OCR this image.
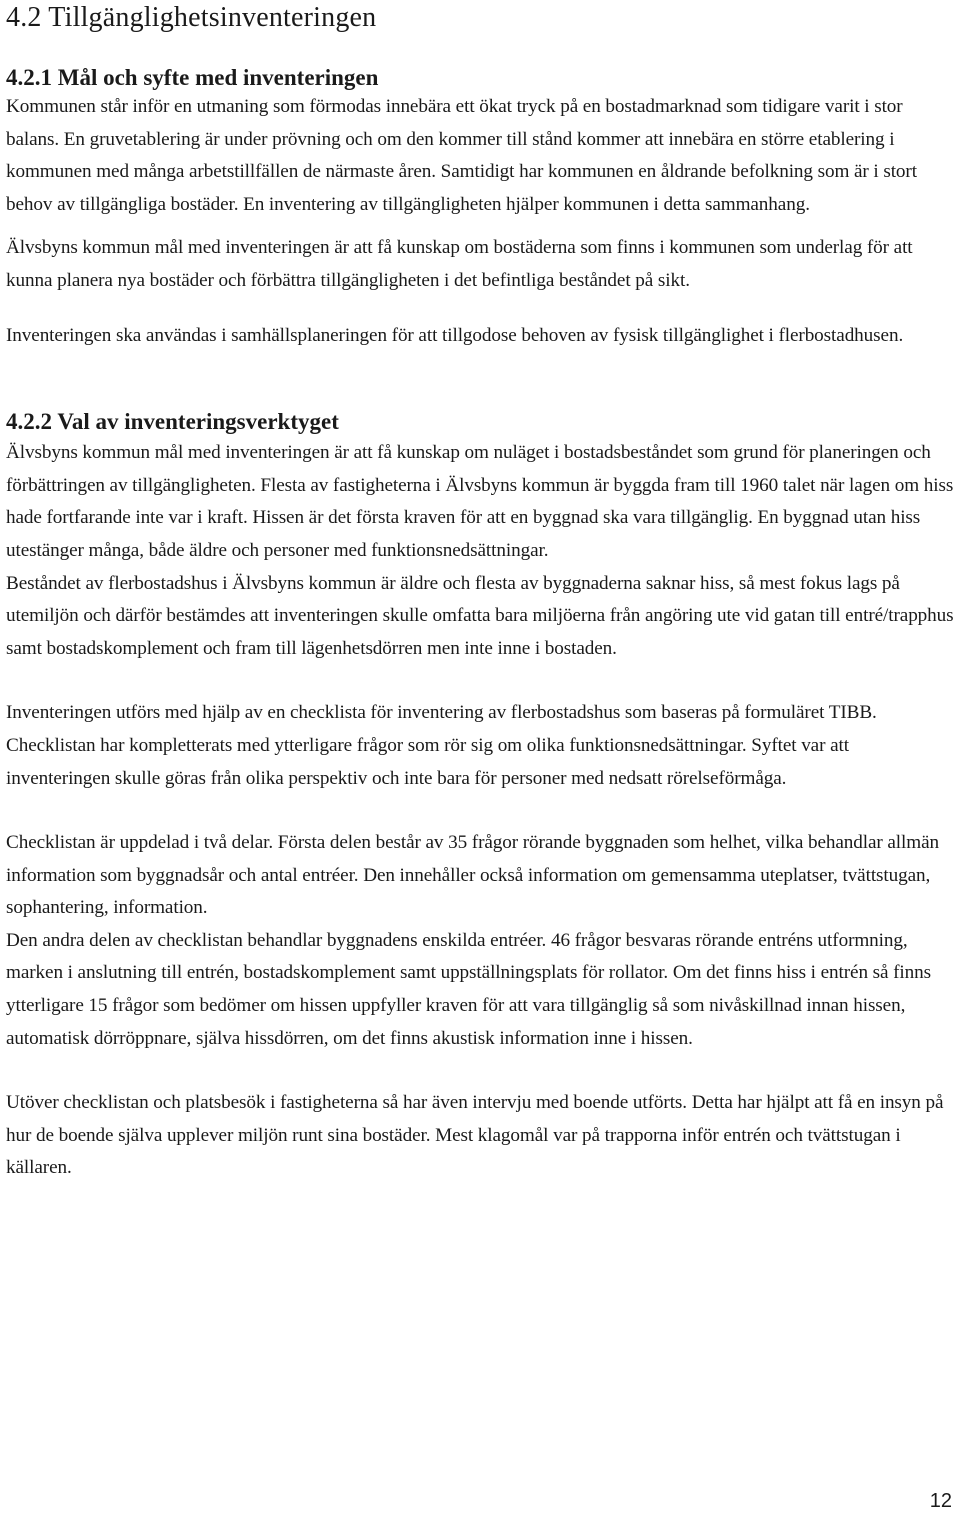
4.2 Tillgänglighetsinventeringen
4.2.1 Mål och syfte med inventeringen

Kommunen står inför en utmaning som förmodas innebära ett ökat tryck på en bostadmarknad som tidigare varit i stor balans. En gruvetablering är under prövning och om den kommer till stånd kommer att innebära en större etablering i kommunen med många arbetstillfällen de närmaste åren. Samtidigt har kommunen en åldrande befolkning som är i stort behov av tillgängliga bostäder. En inventering av tillgängligheten hjälper kommunen i detta sammanhang.

Älvsbyns kommun mål med inventeringen är att få kunskap om bostäderna som finns i kommunen som underlag för att kunna planera nya bostäder och förbättra tillgängligheten i det befintliga beståndet på sikt.

Inventeringen ska användas i samhällsplaneringen för att tillgodose behoven av fysisk tillgänglighet i flerbostadhusen.

4.2.2 Val av inventeringsverktyget

Älvsbyns kommun mål med inventeringen är att få kunskap om nuläget i bostadsbeståndet som grund för planeringen och förbättringen av tillgängligheten. Flesta av fastigheterna i Älvsbyns kommun är byggda fram till 1960 talet när lagen om hiss hade fortfarande inte var i kraft. Hissen är det första kraven för att en byggnad ska vara tillgänglig. En byggnad utan hiss utestänger många, både äldre och personer med funktionsnedsättningar.

Beståndet av flerbostadshus i Älvsbyns kommun är äldre och flesta av byggnaderna saknar hiss, så mest fokus lags på utemiljön och därför bestämdes att inventeringen skulle omfatta bara miljöerna från angöring ute vid gatan till entré/trapphus samt bostadskomplement och fram till lägenhetsdörren men inte inne i bostaden.

Inventeringen utförs med hjälp av en checklista för inventering av flerbostadshus som baseras på formuläret TIBB. Checklistan har kompletterats med ytterligare frågor som rör sig om olika funktionsnedsättningar. Syftet var att inventeringen skulle göras från olika perspektiv och inte bara för personer med nedsatt rörelseförmåga.

Checklistan är uppdelad i två delar. Första delen består av 35 frågor rörande byggnaden som helhet, vilka behandlar allmän information som byggnadsår och antal entréer. Den innehåller också information om gemensamma uteplatser, tvättstugan, sophantering, information.

Den andra delen av checklistan behandlar byggnadens enskilda entréer. 46 frågor besvaras rörande entréns utformning, marken i anslutning till entrén, bostadskomplement samt uppställningsplats för rollator. Om det finns hiss i entrén så finns ytterligare 15 frågor som bedömer om hissen uppfyller kraven för att vara tillgänglig så som nivåskillnad innan hissen, automatisk dörröppnare, själva hissdörren, om det finns akustisk information inne i hissen.

Utöver checklistan och platsbesök i fastigheterna så har även intervju med boende utförts. Detta har hjälpt att få en insyn på hur de boende själva upplever miljön runt sina bostäder. Mest klagomål var på trapporna inför entrén och tvättstugan i källaren.

12
